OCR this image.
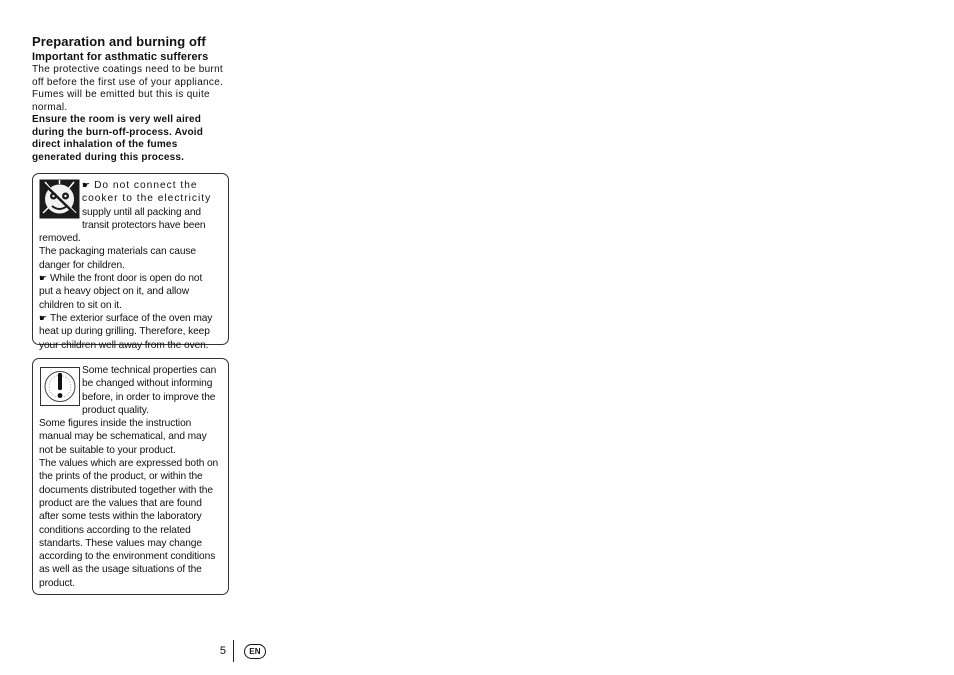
Preparation and burning off

Important for asthmatic sufferers

The protective coatings need to be burnt

off before the first use of your appliance.

Fumes will be emitted but this is quite

normal.

Ensure the room is very well aired

during the burn-off-process. Avoid

direct inhalation of the fumes

generated during this process.

☛ Do not connect the

cooker to the electricity

supply until all packing and

transit protectors have been removed.

The packaging materials can cause

danger for children.

☛ While the front door is open do not

put a heavy object on it, and allow

children to sit on it.

☛ The exterior surface of the oven may

heat up during grilling. Therefore, keep

your children well away from the oven.

Some technical properties can

be changed without informing

before, in order to improve the

product quality.

Some figures inside the instruction

manual may be schematical, and may

not be suitable to your product.

The values which are expressed both on

the prints of the product, or within the

documents distributed together with the

product are the values that are found

after some tests within the laboratory

conditions according to the related

standarts. These values may change

according to the environment conditions

as well as the usage situations of the

product.

5	EN
